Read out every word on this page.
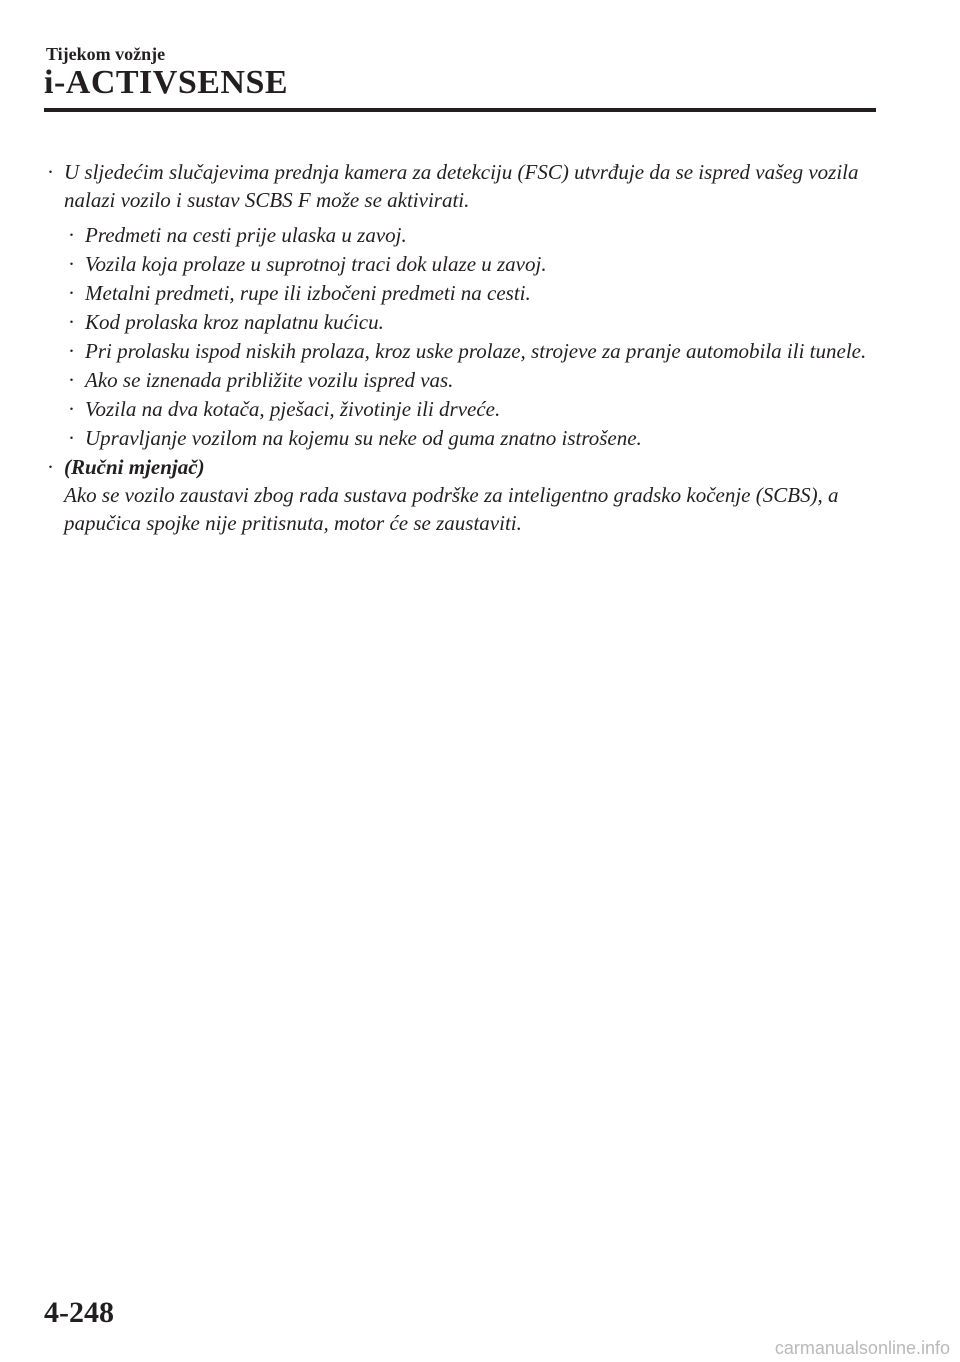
Tijekom vožnje
i-ACTIVSENSE
· U sljedećim slučajevima prednja kamera za detekciju (FSC) utvrđuje da se ispred vašeg vozila nalazi vozilo i sustav SCBS F može se aktivirati.
· Predmeti na cesti prije ulaska u zavoj.
· Vozila koja prolaze u suprotnoj traci dok ulaze u zavoj.
· Metalni predmeti, rupe ili izbočeni predmeti na cesti.
· Kod prolaska kroz naplatnu kućicu.
· Pri prolasku ispod niskih prolaza, kroz uske prolaze, strojeve za pranje automobila ili tunele.
· Ako se iznenada približite vozilu ispred vas.
· Vozila na dva kotača, pješaci, životinje ili drveće.
· Upravljanje vozilom na kojemu su neke od guma znatno istrošene.
· (Ručni mjenjač)
Ako se vozilo zaustavi zbog rada sustava podrške za inteligentno gradsko kočenje (SCBS), a papučica spojke nije pritisnuta, motor će se zaustaviti.
4-248
carmanualsonline.info
